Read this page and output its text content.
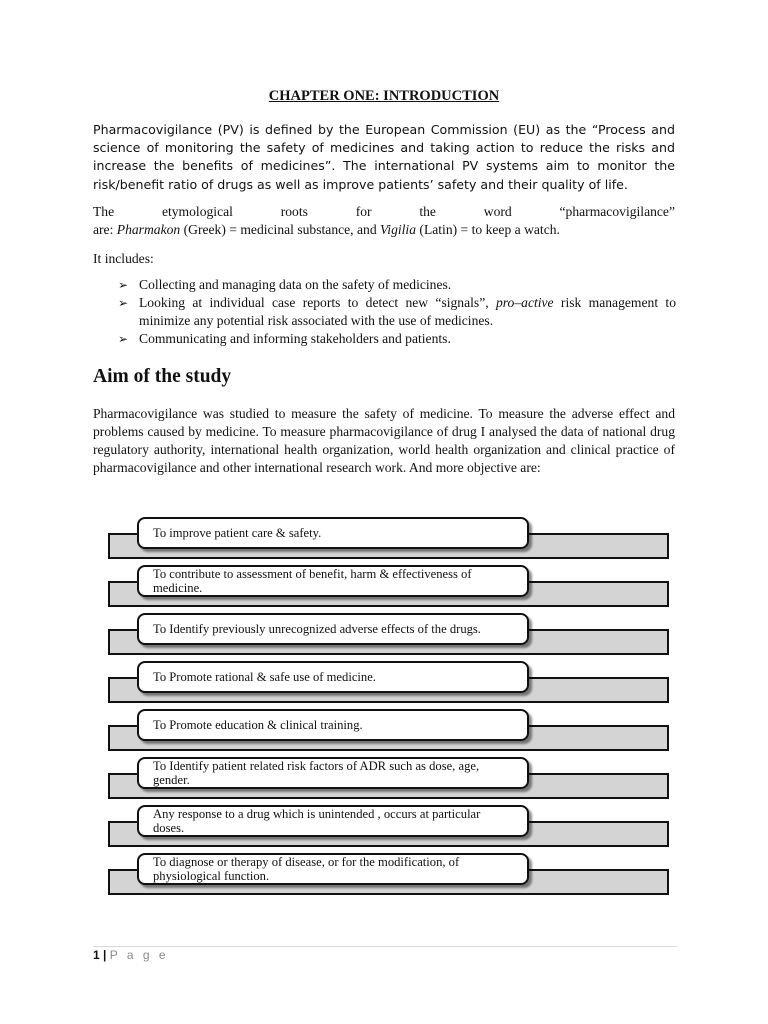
CHAPTER ONE: INTRODUCTION
Pharmacovigilance (PV) is defined by the European Commission (EU) as the “Process and science of monitoring the safety of medicines and taking action to reduce the risks and increase the benefits of medicines”. The international PV systems aim to monitor the risk/benefit ratio of drugs as well as improve patients’ safety and their quality of life.
The	etymological	roots	for	the	word	“pharmacovigilance”
are: Pharmakon (Greek) = medicinal substance, and Vigilia (Latin) = to keep a watch.
It includes:
➢ Collecting and managing data on the safety of medicines.
➢ Looking at individual case reports to detect new “signals”, pro–active risk management to minimize any potential risk associated with the use of medicines.
➢ Communicating and informing stakeholders and patients.
Aim of the study
Pharmacovigilance was studied to measure the safety of medicine. To measure the adverse effect and problems caused by medicine. To measure pharmacovigilance of drug I analysed the data of national drug regulatory authority, international health organization, world health organization and clinical practice of pharmacovigilance and other international research work. And more objective are:
To improve patient care & safety.
To contribute to assessment of benefit, harm & effectiveness of medicine.
To Identify previously unrecognized adverse effects of the drugs.
To Promote rational & safe use of medicine.
To Promote education & clinical training.
To Identify patient related risk factors of ADR such as dose, age, gender.
Any response to a drug which is unintended , occurs at particular doses.
To diagnose or therapy of disease, or for the modification, of physiological function.
1 | P a g e
